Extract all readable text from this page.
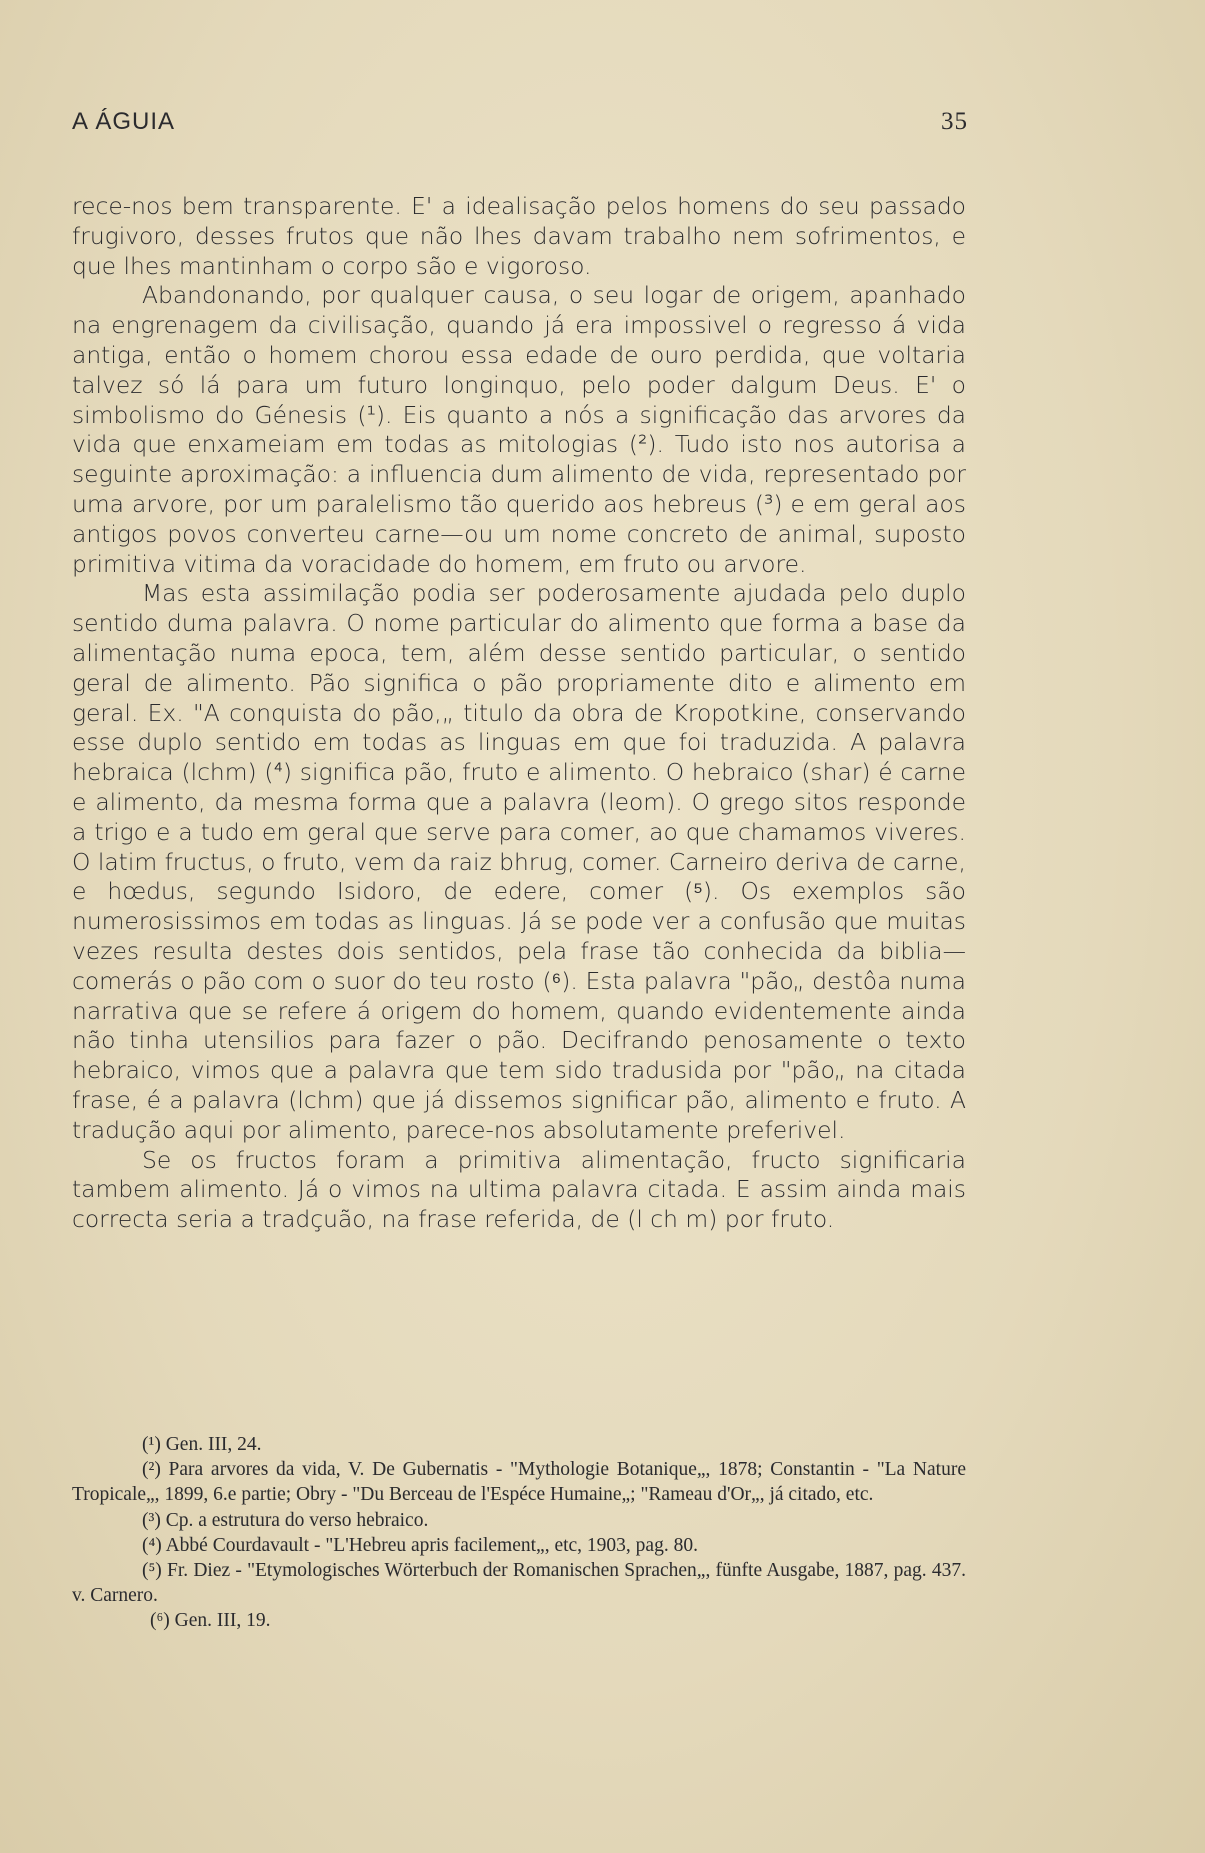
A ÁGUIA	35

rece-nos bem transparente. E' a idealisação pelos homens do seu passado frugivoro, desses frutos que não lhes davam trabalho nem sofrimentos, e que lhes mantinham o corpo são e vigoroso.

Abandonando, por qualquer causa, o seu logar de origem, apanhado na engrenagem da civilisação, quando já era impossivel o regresso á vida antiga, então o homem chorou essa edade de ouro perdida, que voltaria talvez só lá para um futuro longinquo, pelo poder dalgum Deus. E' o simbolismo do Génesis (¹). Eis quanto a nós a significação das arvores da vida que enxameiam em todas as mitologias (²). Tudo isto nos autorisa a seguinte aproximação: a influencia dum alimento de vida, representado por uma arvore, por um paralelismo tão querido aos hebreus (³) e em geral aos antigos povos converteu carne—ou um nome concreto de animal, suposto primitiva vitima da voracidade do homem, em fruto ou arvore.

Mas esta assimilação podia ser poderosamente ajudada pelo duplo sentido duma palavra. O nome particular do alimento que forma a base da alimentação numa epoca, tem, além desse sentido particular, o sentido geral de alimento. Pão significa o pão propriamente dito e alimento em geral. Ex. "A conquista do pão,„ titulo da obra de Kropotkine, conservando esse duplo sentido em todas as linguas em que foi traduzida. A palavra hebraica (lchm) (⁴) significa pão, fruto e alimento. O hebraico (shar) é carne e alimento, da mesma forma que a palavra (leom). O grego sitos responde a trigo e a tudo em geral que serve para comer, ao que chamamos viveres. O latim fructus, o fruto, vem da raiz bhrug, comer. Carneiro deriva de carne, e hœdus, segundo Isidoro, de edere, comer (⁵). Os exemplos são numerosissimos em todas as linguas. Já se pode ver a confusão que muitas vezes resulta destes dois sentidos, pela frase tão conhecida da biblia—comerás o pão com o suor do teu rosto (⁶). Esta palavra "pão„ destôa numa narrativa que se refere á origem do homem, quando evidentemente ainda não tinha utensilios para fazer o pão. Decifrando penosamente o texto hebraico, vimos que a palavra que tem sido tradusida por "pão„ na citada frase, é a palavra (lchm) que já dissemos significar pão, alimento e fruto. A tradução aqui por alimento, parece-nos absolutamente preferivel.

Se os fructos foram a primitiva alimentação, fructo significaria tambem alimento. Já o vimos na ultima palavra citada. E assim ainda mais correcta seria a tradçuão, na frase referida, de (l ch m) por fruto.

(¹) Gen. III, 24.

(²) Para arvores da vida, V. De Gubernatis - "Mythologie Botanique„, 1878; Constantin - "La Nature Tropicale„, 1899, 6.e partie; Obry - "Du Berceau de l'Espéce Humaine„; "Rameau d'Or„, já citado, etc.

(³) Cp. a estrutura do verso hebraico.

(⁴) Abbé Courdavault - "L'Hebreu apris facilement„, etc, 1903, pag. 80.

(⁵) Fr. Diez - "Etymologisches Wörterbuch der Romanischen Sprachen„, fünfte Ausgabe, 1887, pag. 437. v. Carnero.

(⁶) Gen. III, 19.
